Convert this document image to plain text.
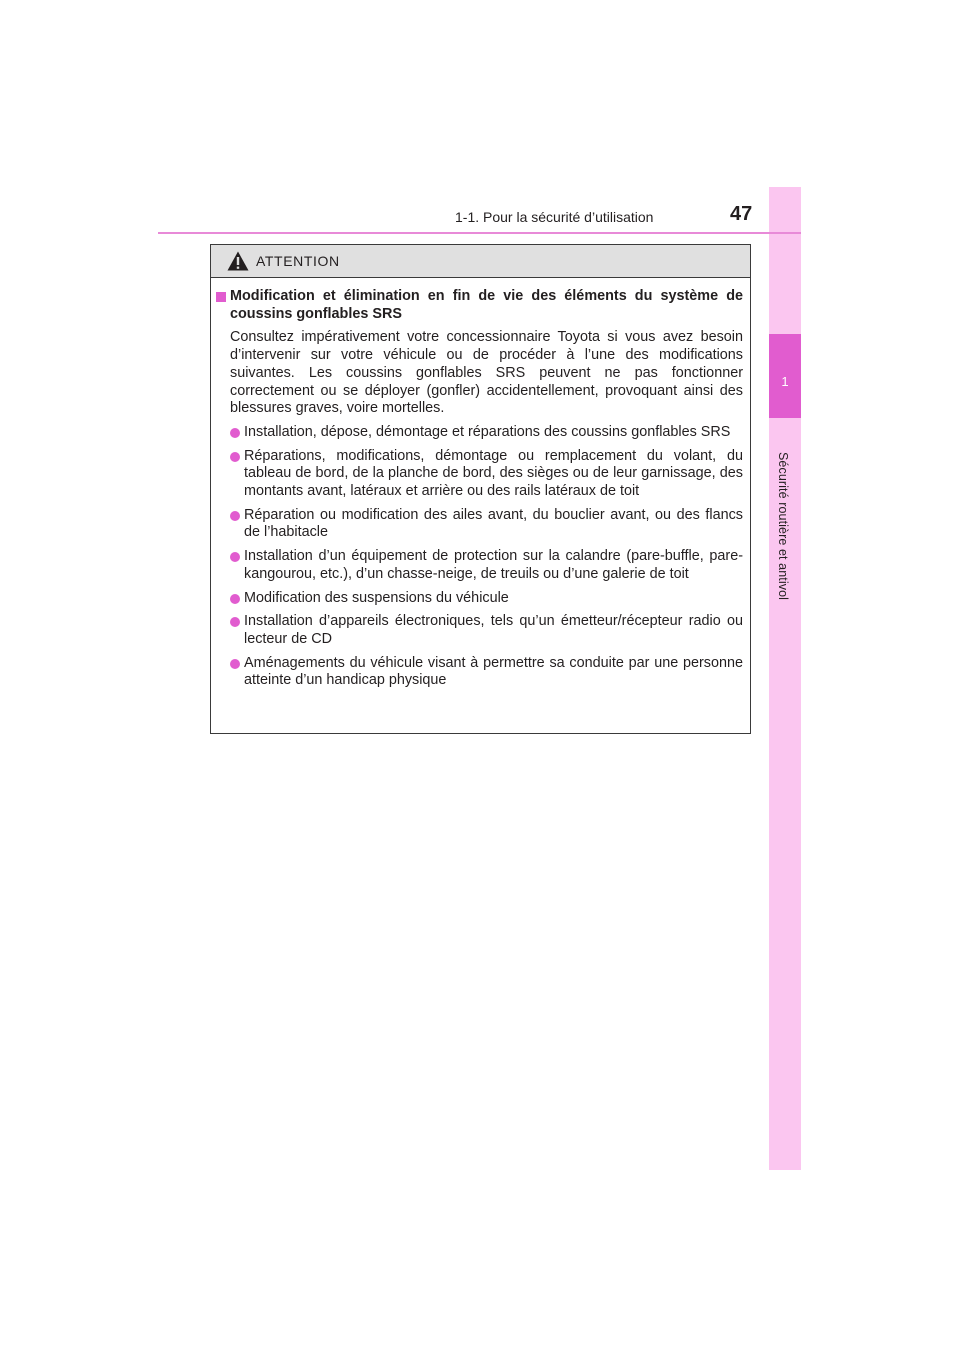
1
Sécurité routière et antivol
1-1. Pour la sécurité d’utilisation	47
ATTENTION
Modification et élimination en fin de vie des éléments du système de coussins gonflables SRS
Consultez impérativement votre concessionnaire Toyota si vous avez besoin d’intervenir sur votre véhicule ou de procéder à l’une des modifications suivantes. Les coussins gonflables SRS peuvent ne pas fonctionner correctement ou se déployer (gonfler) accidentellement, provoquant ainsi des blessures graves, voire mortelles.
Installation, dépose, démontage et réparations des coussins gonflables SRS
Réparations, modifications, démontage ou remplacement du volant, du tableau de bord, de la planche de bord, des sièges ou de leur garnissage, des montants avant, latéraux et arrière ou des rails latéraux de toit
Réparation ou modification des ailes avant, du bouclier avant, ou des flancs de l’habitacle
Installation d’un équipement de protection sur la calandre (pare-buffle, pare-kangourou, etc.), d’un chasse-neige, de treuils ou d’une galerie de toit
Modification des suspensions du véhicule
Installation d’appareils électroniques, tels qu’un émetteur/récepteur radio ou lecteur de CD
Aménagements du véhicule visant à permettre sa conduite par une personne atteinte d’un handicap physique
